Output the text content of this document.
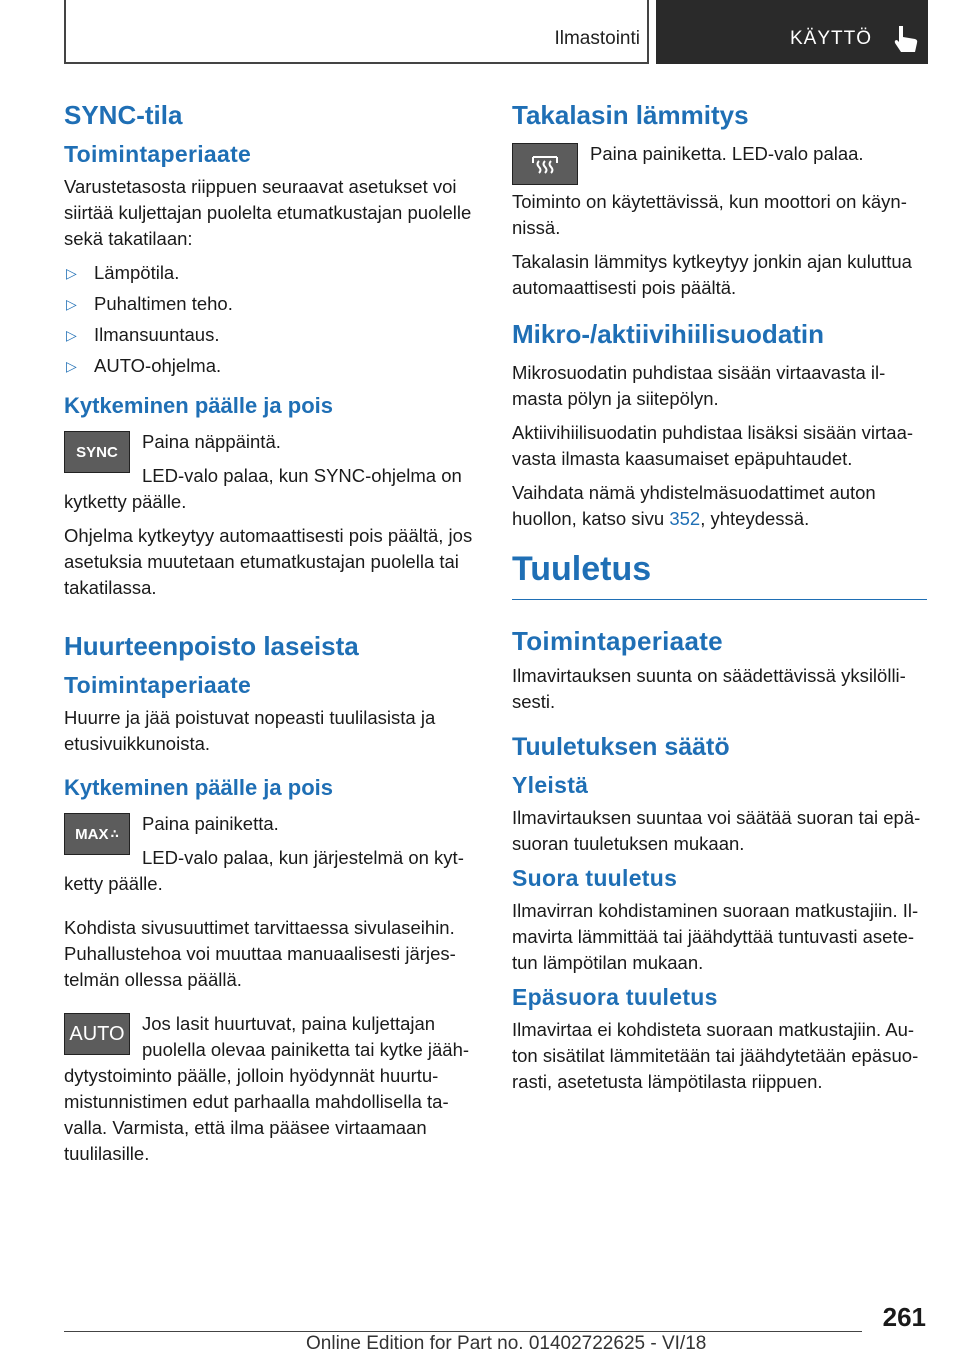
Ilmastointi	KÄYTTÖ
SYNC-tila
Toimintaperiaate

Varustetasosta riippuen seuraavat asetukset voi siirtää kuljettajan puolelta etumatkustajan puolelle sekä takatilaan:

▷ Lämpötila.
▷ Puhaltimen teho.
▷ Ilmansuuntaus.
▷ AUTO-ohjelma.
Kytkeminen päälle ja pois
SYNC	Paina näppäintä.

LED-valo palaa, kun SYNC-ohjelma on kytketty päälle.

Ohjelma kytkeytyy automaattisesti pois päältä, jos asetuksia muutetaan etumatkustajan puolella tai takatilassa.

Huurteenpoisto laseista
Toimintaperiaate

Huurre ja jää poistuvat nopeasti tuulilasista ja etusivuikkunoista.

Kytkeminen päälle ja pois
MAX ∴	Paina painiketta.

LED-valo palaa, kun järjestelmä on kytketty päälle.

Kohdista sivusuuttimet tarvittaessa sivulaseihin. Puhallustehoa voi muuttaa manuaalisesti järjestelmän ollessa päällä.

AUTO Jos lasit huurtuvat, paina kuljettajan puolella olevaa painiketta tai kytke jäähdytystoiminto päälle, jolloin hyödynnät huurtumistunnistimen edut parhaalla mahdollisella tavalla. Varmista, että ilma pääsee virtaamaan tuulilasille.

Takalasin lämmitys

Paina painiketta. LED-valo palaa.

Toiminto on käytettävissä, kun moottori on käynnissä.

Takalasin lämmitys kytkeytyy jonkin ajan kuluttua automaattisesti pois päältä.

Mikro-/aktiivihiilisuodatin

Mikrosuodatin puhdistaa sisään virtaavasta ilmasta pölyn ja siitepölyn.

Aktiivihiilisuodatin puhdistaa lisäksi sisään virtaavasta ilmasta kaasumaiset epäpuhtaudet.

Vaihdata nämä yhdistelmäsuodattimet auton huollon, katso sivu 352, yhteydessä.

Tuuletus
Toimintaperiaate

Ilmavirtauksen suunta on säädettävissä yksilöllisesti.

Tuuletuksen säätö
Yleistä

Ilmavirtauksen suuntaa voi säätää suoran tai epäsuoran tuuletuksen mukaan.

Suora tuuletus

Ilmavirran kohdistaminen suoraan matkustajiin. Ilmavirta lämmittää tai jäähdyttää tuntuvasti asetetun lämpötilan mukaan.

Epäsuora tuuletus

Ilmavirtaa ei kohdisteta suoraan matkustajiin. Auton sisätilat lämmitetään tai jäähdytetään epäsuorasti, asetetusta lämpötilasta riippuen.

261
Online Edition for Part no. 01402722625 - VI/18
